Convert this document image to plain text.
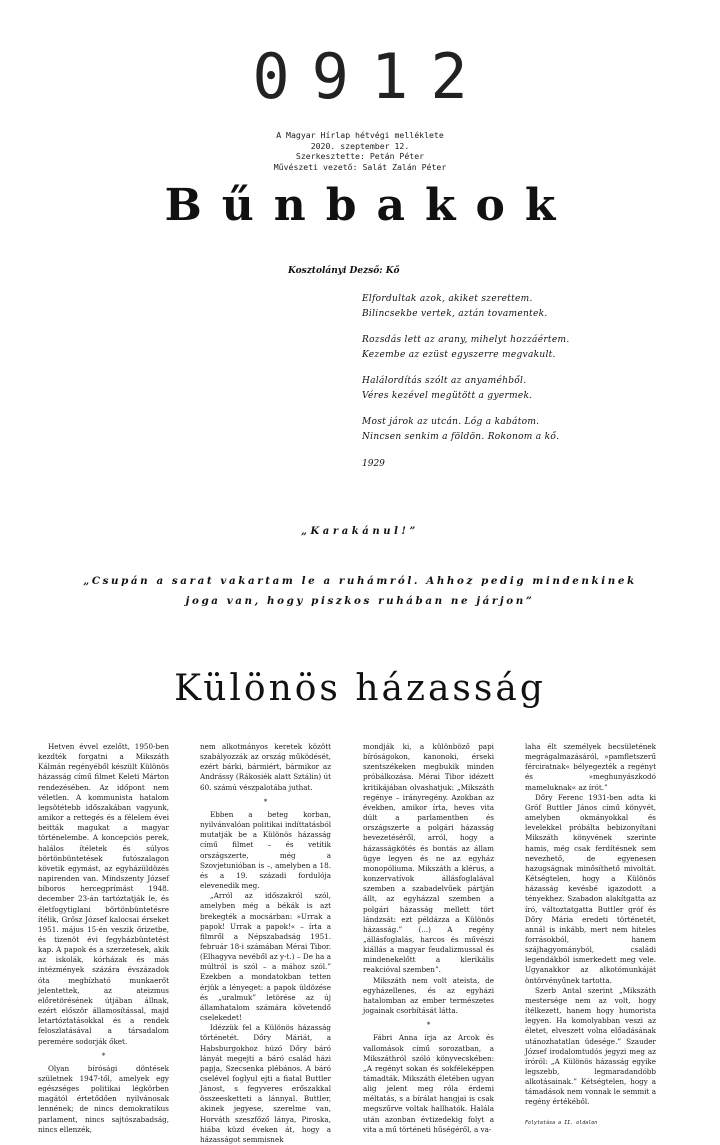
0912
A Magyar Hírlap hétvégi melléklete
2020. szeptember 12.
Szerkesztette: Petán Péter
Művészeti vezető: Salát Zalán Péter
Bűnbakok
Kosztolányi Dezső: Kő
Elfordultak azok, akiket szerettem.
Bilincsekbe vertek, aztán tovamentek.
Rozsdás lett az arany, mihelyt hozzáértem.
Kezembe az ezüst egyszerre megvakult.
Halálordítás szólt az anyaméhből.
Véres kezével megütött a gyermek.
Most járok az utcán. Lóg a kabátom.
Nincsen senkim a földön. Rokonom a kő.
1929
„Karakánul!”
„Csupán a sarat vakartam le a ruhámról. Ahhoz pedig mindenkinek
joga van, hogy piszkos ruhában ne járjon”
Különös házasság

Hetven évvel ezelőtt, 1950-ben kezdték forgatni a Mikszáth Kálmán regényéből készült Különös házasság című filmet Keleti Márton rendezésében. Az időpont nem véletlen. A kommunista hatalom legsötétebb időszakában vagyunk, amikor a rettegés és a félelem évei beitták magukat a magyar történelembe. A koncepciós perek, halálos ítéletek és súlyos börtönbüntetések futószalagon követik egymást, az egyházüldözés napirenden van. Mindszenty József bíboros hercegprímást 1948. december 23-án tartóztatják le, és életfogytiglani börtönbüntetésre ítélik, Grősz József kalocsai érseket 1951. május 15-én veszik őrizetbe, és tizenöt évi fegyházbüntetést kap. A papok és a szerzetesek, akik az iskolák, kórházak és más intézmények százára évszázadok óta megbízható munkaerőt jelentettek, az ateizmus előretörésének útjában állnak, ezért először államosítással, majd letartóztatásokkal és a rendek feloszlatásával a társadalom peremére sodorják őket.

*

Olyan bírósági döntések születnek 1947-től, amelyek egy egészséges politikai légkörben magától értetődően nyilvánosak lennének; de nincs demokratikus parlament, nincs sajtószabadság, nincs ellenzék,

nem alkotmányos keretek között szabályozzák az ország működését, ezért bárki, bármiért, bármikor az Andrássy (Rákosiék alatt Sztálin) út 60. számú vészpalotába juthat.

*

Ebben a beteg korban, nyilvánvalóan politikai indíttatásból mutatják be a Különös házasság című filmet – és vetítik országszerte, még a Szovjetunióban is –, amelyben a 18. és a 19. századi fordulója elevenedik meg.

„Arról az időszakról szól, amelyben még a békák is azt brekegték a mocsárban: »Urrak a papok! Urrak a papok!« – írta a filmről a Népszabadság 1951. február 18-i számában Mérai Tibor. (Elhagyva nevéből az y-t.) – De ha a múltról is szól – a mához szól.” Ezekben a mondatokban tetten érjük a lényeget: a papok üldözése és „uralmuk” letörése az új államhatalom számára követendő cselekedet!

Idézzük fel a Különös házasság történetét. Dőry Máriát, a Habsburgokhoz húzó Dőry báró lányát megejti a báró család házi papja, Szecsenka plébános. A báró cselével foglyul ejti a fiatal Buttler Jánost, s fegyveres erőszakkal összeesketteti a lánnyal. Buttler, akinek jegyese, szerelme van, Horváth szeszfőző lánya, Piroska, hiába küzd éveken át, hogy a házasságot semmisnek

mondják ki, a különböző papi bíróságokon, kanonoki, érseki szentszékeken megbukik minden próbálkozása. Mérai Tibor idézett kritikájában olvashatjuk: „Mikszáth regénye – irányregény. Azokban az években, amikor írta, heves vita dúlt a parlamentben és országszerte a polgári házasság bevezetéséről, arról, hogy a házasságkötés és bontás az állam ügye legyen és ne az egyház monopóliuma. Mikszáth a klérus, a konzervatívok állásfoglalával szemben a szabadelvűek pártján állt, az egyházzal szemben a polgári házasság mellett tört lándzsát: ezt példázza a Különös házasság.” (...) A regény „állásfoglalás, harcos és művészi kiállás a magyar feudalizmussal és mindenekelőtt a klerikális reakcióval szemben”.

Mikszáth nem volt ateista, de egyházellenes, és az egyházi hatalomban az ember természetes jogainak csorbítását látta.

*

Fábri Anna írja az Arcok és vallomások című sorozatban, a Mikszáthról szóló könyvecskében: „A regényt sokan és sokféleképpen támadták. Mikszáth életében ugyan alig jelent meg róla érdemi méltatás, s a bírálat hangjai is csak megszűrve voltak hallhatók. Halála után azonban évtizedekig folyt a vita a mű történeti hűségéről, a va-

laha élt személyek becsületének megrágalmazásáról, »pamfletszerű férciratnak« bélyegezték a regényt és »meghunyászkodó mameluknak« az írót.”

Dőry Ferenc 1931-ben adta ki Gróf Buttler János című könyvét, amelyben okmányokkal és levelekkel próbálta bebizonyítani Mikszáth könyvének szerinte hamis, még csak ferdítésnek sem nevezhető, de egyenesen hazugságnak minősíthető mivoltát. Kétségtelen, hogy a Különös házasság kevésbé igazodott a tényekhez. Szabadon alakítgatta az író, változtatgatta Buttler gróf és Dőry Mária eredeti történetét, annál is inkább, mert nem hiteles forrásokból, hanem szájhagyományból, családi legendákból ismerkedett meg vele. Ugyanakkor az alkotómunkáját öntörvényűnek tartotta.

Szerb Antal szerint „Mikszáth mestersége nem az volt, hogy ítélkezett, hanem hogy humorista legyen. Ha komolyabban veszi az életet, elveszett volna előadásának utánozhatatlan üdesége.” Szauder József irodalomtudós jegyzi meg az íróról: „A Különös házasság egyike legszebb, legmaradandóbb alkotásainak.” Kétségtelen, hogy a támadások nem vonnak le semmit a regény értékéből.

Folytatása a II. oldalon
